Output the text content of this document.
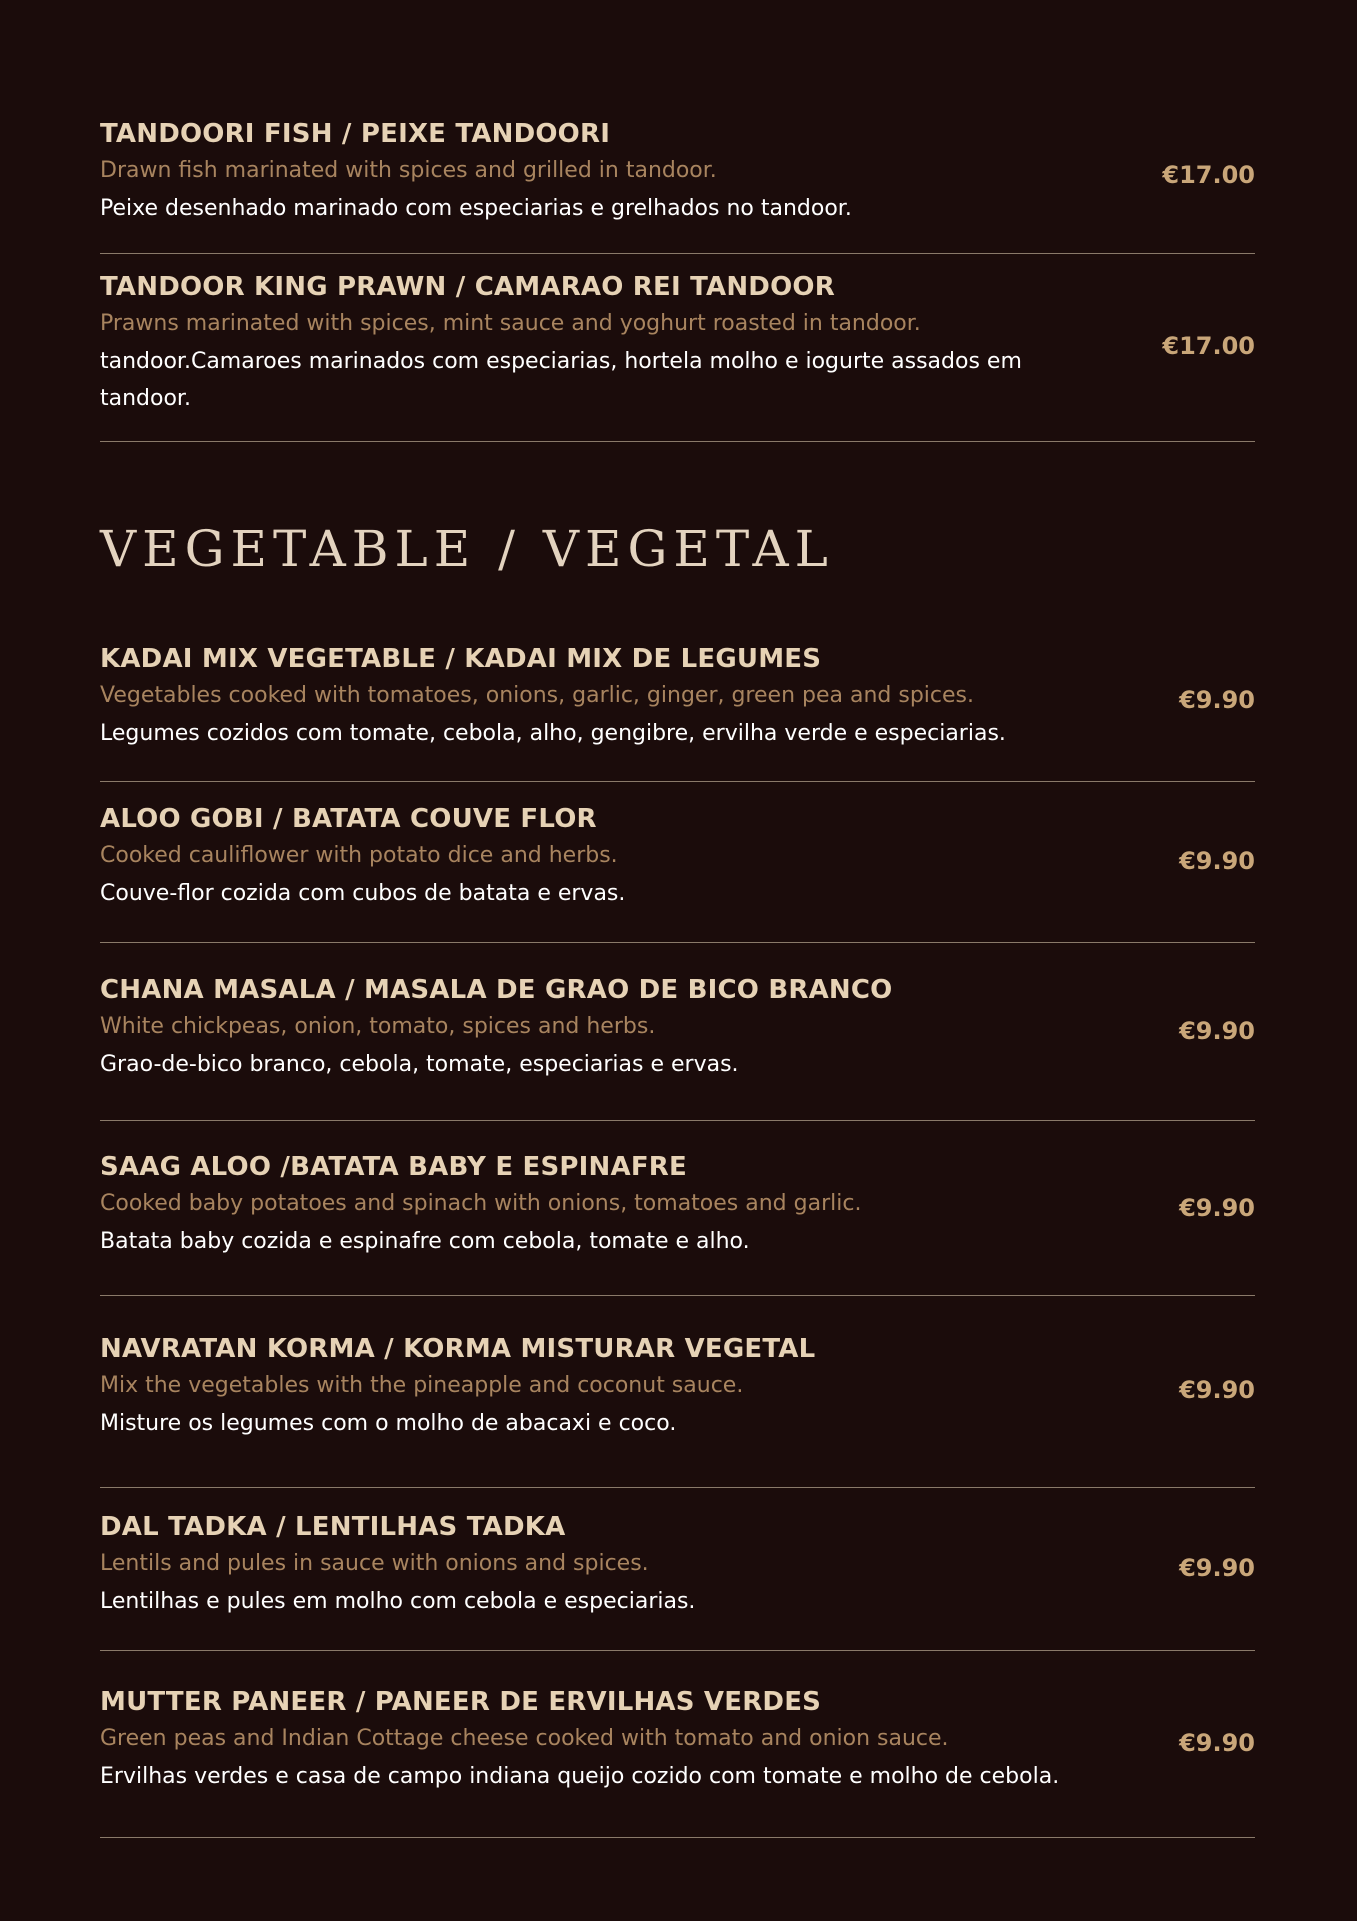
TANDOORI FISH / PEIXE TANDOORI
Drawn fish marinated with spices and grilled in tandoor.
Peixe desenhado marinado com especiarias e grelhados no tandoor.
€17.00
TANDOOR KING PRAWN / CAMARAO REI TANDOOR
Prawns marinated with spices, mint sauce and yoghurt roasted in tandoor.
tandoor.Camaroes marinados com especiarias, hortela molho e iogurte assados em tandoor.
€17.00
VEGETABLE / VEGETAL
KADAI MIX VEGETABLE / KADAI MIX DE LEGUMES
Vegetables cooked with tomatoes, onions, garlic, ginger, green pea and spices.
Legumes cozidos com tomate, cebola, alho, gengibre, ervilha verde e especiarias.
€9.90
ALOO GOBI / BATATA COUVE FLOR
Cooked cauliflower with potato dice and herbs.
Couve-flor cozida com cubos de batata e ervas.
€9.90
CHANA MASALA / MASALA DE GRAO DE BICO BRANCO
White chickpeas, onion, tomato, spices and herbs.
Grao-de-bico branco, cebola, tomate, especiarias e ervas.
€9.90
SAAG ALOO /BATATA BABY E ESPINAFRE
Cooked baby potatoes and spinach with onions, tomatoes and garlic.
Batata baby cozida e espinafre com cebola, tomate e alho.
€9.90
NAVRATAN KORMA / KORMA MISTURAR VEGETAL
Mix the vegetables with the pineapple and coconut sauce.
Misture os legumes com o molho de abacaxi e coco.
€9.90
DAL TADKA / LENTILHAS TADKA
Lentils and pules in sauce with onions and spices.
Lentilhas e pules em molho com cebola e especiarias.
€9.90
MUTTER PANEER / PANEER DE ERVILHAS VERDES
Green peas and Indian Cottage cheese cooked with tomato and onion sauce.
Ervilhas verdes e casa de campo indiana queijo cozido com tomate e molho de cebola.
€9.90
